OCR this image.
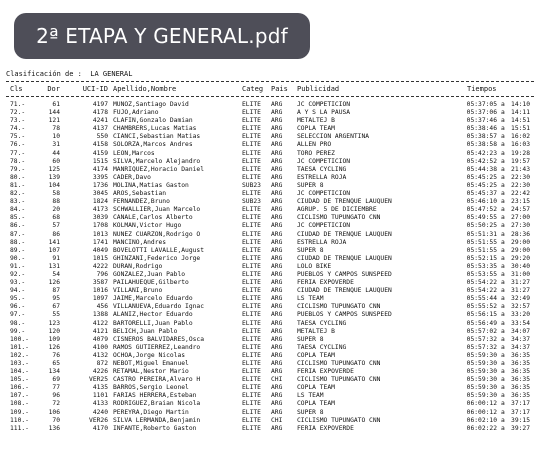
Clasificación de :  LA GENERAL
Cls	Dor	UCI-ID Apellido,Nombre	Categ Pais Publicidad	Tiempos
71.-	61	4197 MUÑOZ,Santiago David	ELITE ARG JC COMPETICION	05:37:05 a 14:10
72.-	144	4178 FUJO,Adriano	ELITE ARG A Y S LA PAUSA	05:37:06 a 14:11
73.-	121	4241 CLAFIN,Gonzalo Damian	ELITE ARG METALTEJ B	05:37:46 a 14:51
74.-	78	4137 CHAMBRERS,Lucas Matias	ELITE ARG COPLA TEAM	05:38:46 a 15:51
75.-	10	550 CIANCI,Sebastian Matias	ELITE ARG SELECCION ARGENTINA	05:38:57 a 16:02
76.-	31	4158 SOLORZA,Marcos Andres	ELITE ARG ALLEN PRO	05:38:58 a 16:03
77.-	44	4159 LEON,Marcos	ELITE ARG TORO PEREZ	05:42:23 a 19:28
78.-	60	1515 SILVA,Marcelo Alejandro	ELITE ARG JC COMPETICION	05:42:52 a 19:57
79.-	125	4174 MANRIQUEZ,Horacio Daniel	ELITE ARG TAESA CYCLING	05:44:38 a 21:43
80.-	139	3395 CADER,Davo	ELITE ARG ESTRELLA ROJA	05:45:25 a 22:30
81.-	104	1736 MOLINA,Matias Gaston	SUB23 ARG SUPER 8	05:45:25 a 22:30
82.-	58	3045 AROS,Sebastian	ELITE ARG JC COMPETICION	05:45:37 a 22:42
83.-	88	1824 FERNANDEZ,Bruno	SUB23 ARG CIUDAD DE TRENQUE LAUQUEN	05:46:10 a 23:15
84.-	20	4173 SCHWALLIER,Juan Marcelo	ELITE ARG AGRUP. 5 DE DICIEMBRE	05:47:52 a 24:57
85.-	68	3039 CANALE,Carlos Alberto	ELITE ARG CICLISMO TUPUNGATO CNN	05:49:55 a 27:00
86.-	57	1708 KOLMAN,Victor Hugo	ELITE ARG JC COMPETICION	05:50:25 a 27:30
87.-	86	1013 NUÑEZ CUARZON,Rodrigo O	ELITE ARG CIUDAD DE TRENQUE LAUQUEN	05:51:31 a 28:36
88.-	141	1741 MANCINO,Andres	ELITE ARG ESTRELLA ROJA	05:51:55 a 29:00
89.-	107	4049 BOVELOTTI LAVALLE,August	ELITE ARG SUPER 8	05:51:55 a 29:00
90.-	91	1015 GHINZANI,Federico Jorge	ELITE ARG CIUDAD DE TRENQUE LAUQUEN	05:52:15 a 29:20
91.-	131	4222 DURAN,Rodrigo	ELITE ARG LOLO BIKE	05:53:35 a 30:40
92.-	54	796 GONZALEZ,Juan Pablo	ELITE ARG PUEBLOS Y CAMPOS SUNSPEED	05:53:55 a 31:00
93.-	126	3587 PAILAHUEQUE,Gilberto	ELITE ARG FERIA EXPOVERDE	05:54:22 a 31:27
94.-	87	1016 VILLANI,Bruno	ELITE ARG CIUDAD DE TRENQUE LAUQUEN	05:54:22 a 31:27
95.-	95	1097 JAIME,Marcelo Eduardo	ELITE ARG LS TEAM	05:55:44 a 32:49
96.-	67	456 VILLANUEVA,Eduardo Ignac	ELITE ARG CICLISMO TUPUNGATO CNN	05:55:52 a 32:57
97.-	55	1388 ALANIZ,Hector Eduardo	ELITE ARG PUEBLOS Y CAMPOS SUNSPEED	05:56:15 a 33:20
98.-	123	4122 BARTORELLI,Juan Pablo	ELITE ARG TAESA CYCLING	05:56:49 a 33:54
99.-	120	4121 BELICH,Juan Pablo	ELITE ARG METALTEJ B	05:57:02 a 34:07
100.-	109	4079 CISNEROS BALVIDARES,Osca	ELITE ARG SUPER 8	05:57:32 a 34:37
101.-	126	4100 RAMOS GUTIERREZ,Leandro	ELITE ARG TAESA CYCLING	05:57:32 a 34:37
102.-	76	4132 OCHOA,Jorge Nicolas	ELITE ARG COPLA TEAM	05:59:30 a 36:35
103.-	65	872 NEBOT,Miguel Emanuel	ELITE ARG CICLISMO TUPUNGATO CNN	05:59:30 a 36:35
104.-	134	4226 RETAMAL,Nestor Mario	ELITE ARG FERIA EXPOVERDE	05:59:30 a 36:35
105.-	69	VER25 CASTRO PEREIRA,Alvaro H	ELITE CHI CICLISMO TUPUNGATO CNN	05:59:30 a 36:35
106.-	77	4135 BARROS,Sergio Leonel	ELITE ARG COPLA TEAM	05:59:30 a 36:35
107.-	96	1101 FARIAS HERRERA,Esteban	ELITE ARG LS TEAM	05:59:30 a 36:35
108.-	72	4133 RODRIGUEZ,Braian Nicola	ELITE ARG COPLA TEAM	06:00:12 a 37:17
109.-	106	4240 PEREYRA,Diego Martin	ELITE ARG SUPER 8	06:00:12 a 37:17
110.-	70	VER26 SILVA LERMANDA,Benjamin	ELITE CHI CICLISMO TUPUNGATO CNN	06:02:10 a 39:15
111.-	136	4170 INFANTE,Roberto Gaston	ELITE ARG FERIA EXPOVERDE	06:02:22 a 39:27
2ª ETAPA Y GENERAL.pdf
